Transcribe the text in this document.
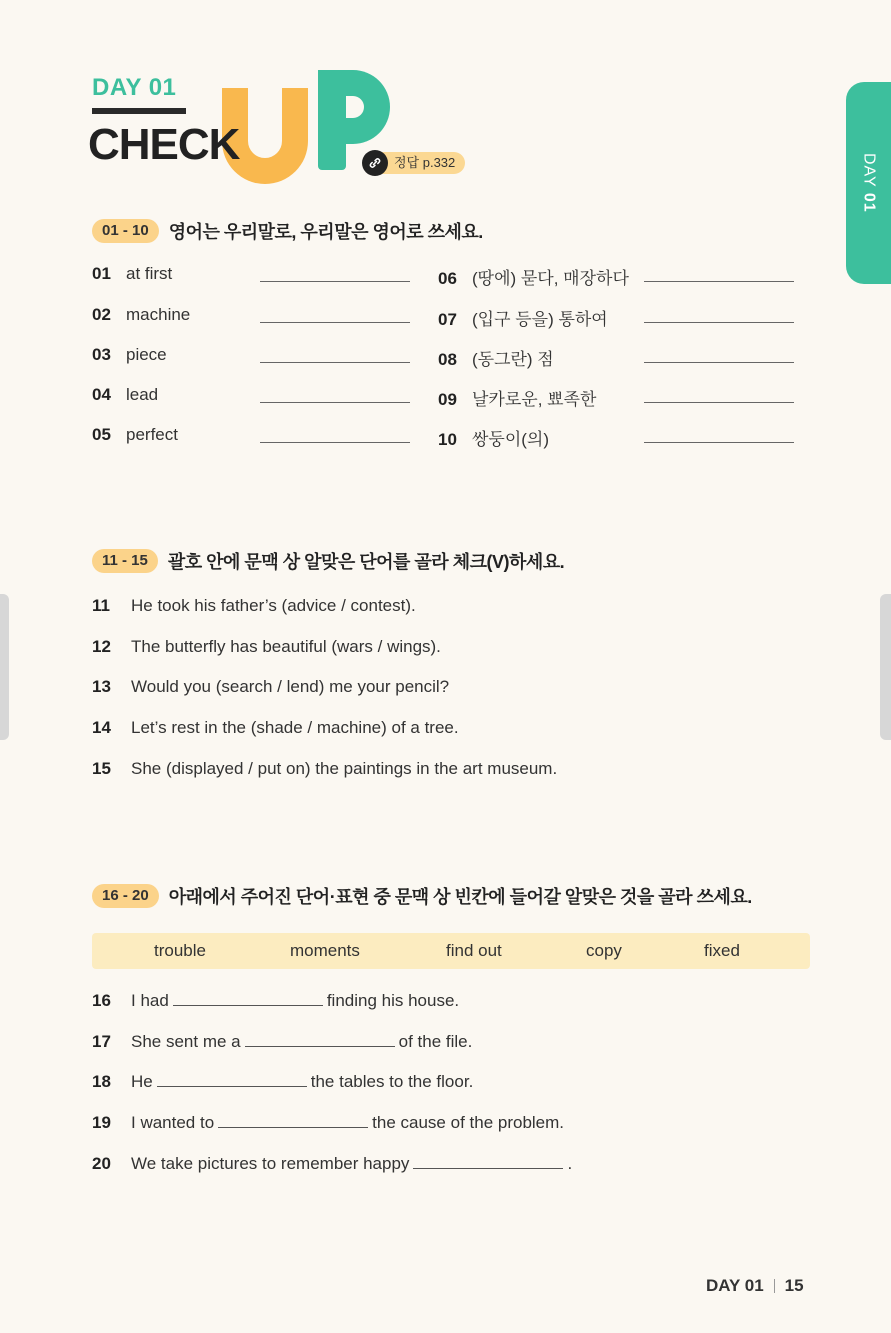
DAY 01
CHECK	정답 p.332	DAY 01
01 - 10	영어는 우리말로, 우리말은 영어로 쓰세요.
01 at first
02 machine
03 piece
04 lead
05 perfect
06 (땅에) 묻다, 매장하다
07 (입구 등을) 통하여
08 (동그란) 점
09 날카로운, 뾰족한
10 쌍둥이(의)
11 - 15	괄호 안에 문맥 상 알맞은 단어를 골라 체크(V)하세요.
11	He took his father’s (advice / contest).
12	The butterfly has beautiful (wars / wings).
13	Would you (search / lend) me your pencil?
14	Let’s rest in the (shade / machine) of a tree.
15	She (displayed / put on) the paintings in the art museum.
16 - 20	아래에서 주어진 단어·표현 중 문맥 상 빈칸에 들어갈 알맞은 것을 골라 쓰세요.
trouble	moments	find out	copy	fixed
16	I had	finding his house.
17	She sent me a	of the file.
18	He	the tables to the floor.
19	I wanted to	the cause of the problem.
20	We take pictures to remember happy	.
DAY 01 15
